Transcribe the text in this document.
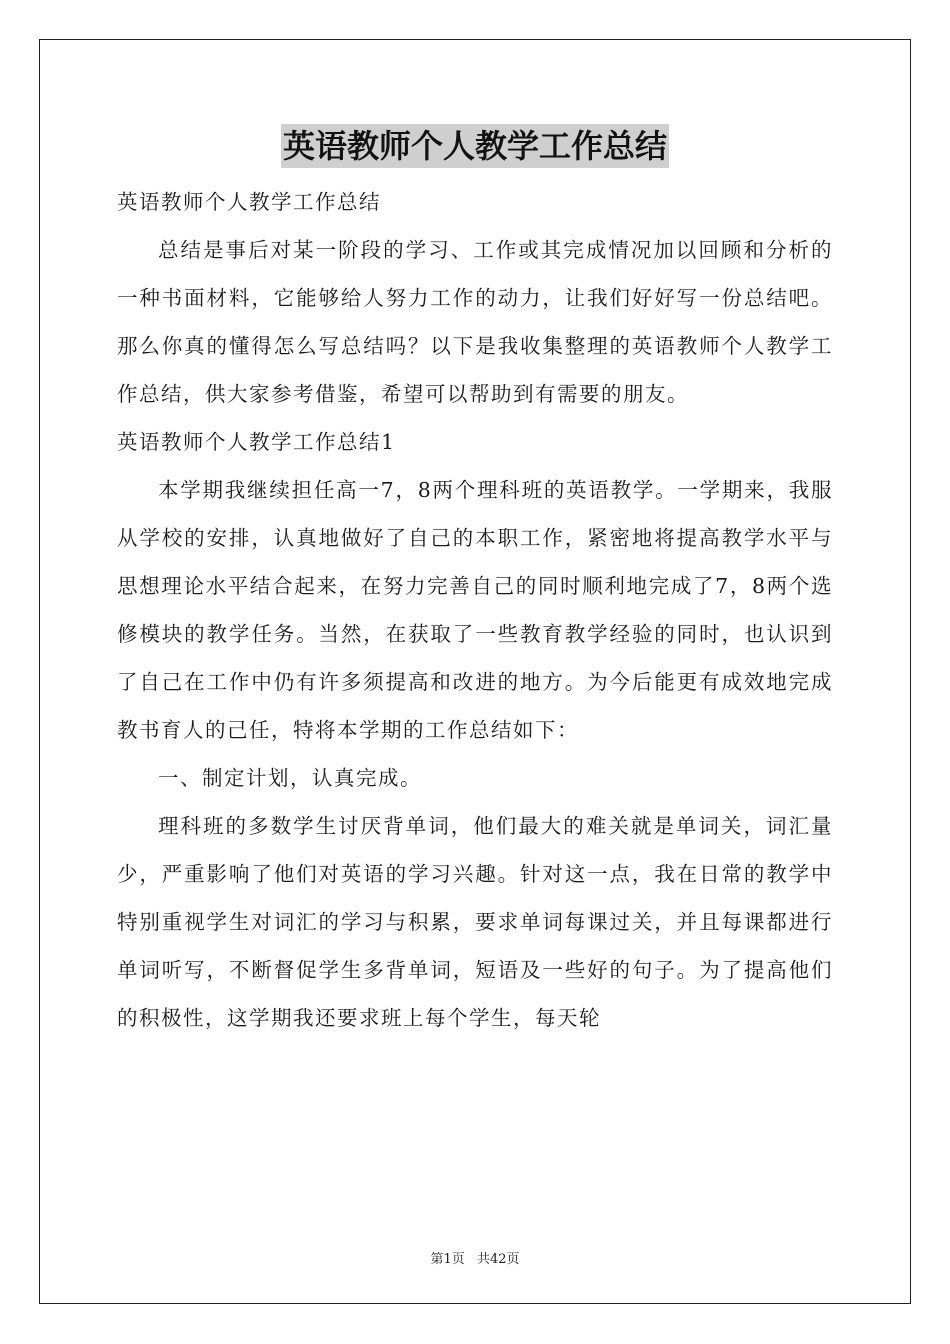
英语教师个人教学工作总结

英语教师个人教学工作总结

总结是事后对某一阶段的学习、工作或其完成情况加以回顾和分析的一种书面材料，它能够给人努力工作的动力，让我们好好写一份总结吧。那么你真的懂得怎么写总结吗？以下是我收集整理的英语教师个人教学工作总结，供大家参考借鉴，希望可以帮助到有需要的朋友。

英语教师个人教学工作总结1

本学期我继续担任高一7，8两个理科班的英语教学。一学期来，我服从学校的安排，认真地做好了自己的本职工作，紧密地将提高教学水平与思想理论水平结合起来，在努力完善自己的同时顺利地完成了7，8两个选修模块的教学任务。当然，在获取了一些教育教学经验的同时，也认识到了自己在工作中仍有许多须提高和改进的地方。为今后能更有成效地完成教书育人的己任，特将本学期的工作总结如下：

一、制定计划，认真完成。

理科班的多数学生讨厌背单词，他们最大的难关就是单词关，词汇量少，严重影响了他们对英语的学习兴趣。针对这一点，我在日常的教学中特别重视学生对词汇的学习与积累，要求单词每课过关，并且每课都进行单词听写，不断督促学生多背单词，短语及一些好的句子。为了提高他们的积极性，这学期我还要求班上每个学生，每天轮

第1页 共42页
